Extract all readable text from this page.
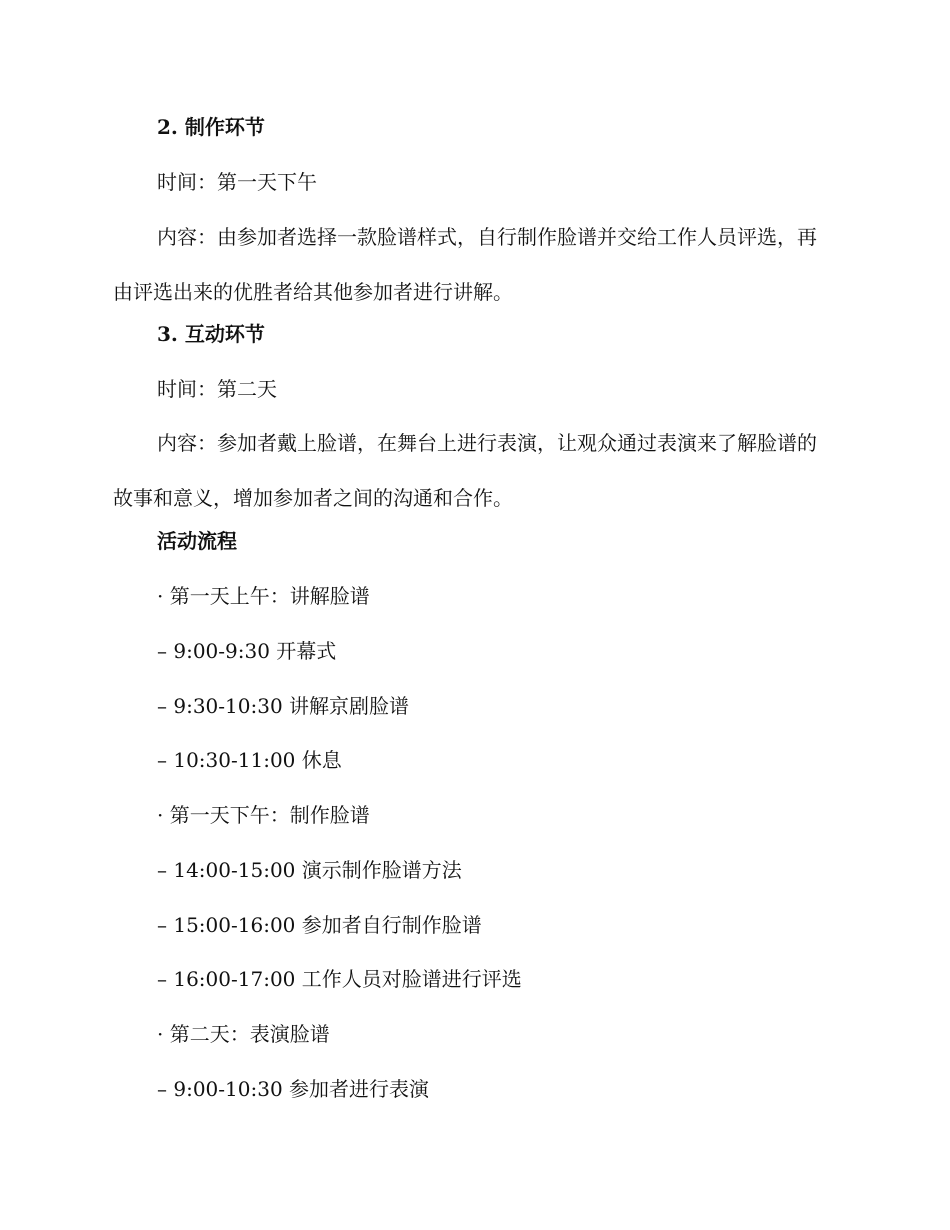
2. 制作环节
时间：第一天下午
内容：由参加者选择一款脸谱样式，自行制作脸谱并交给工作人员评选，再由评选出来的优胜者给其他参加者进行讲解。
3. 互动环节
时间：第二天
内容：参加者戴上脸谱，在舞台上进行表演，让观众通过表演来了解脸谱的故事和意义，增加参加者之间的沟通和合作。
活动流程
· 第一天上午：讲解脸谱
– 9:00-9:30 开幕式
– 9:30-10:30 讲解京剧脸谱
– 10:30-11:00 休息
· 第一天下午：制作脸谱
– 14:00-15:00 演示制作脸谱方法
– 15:00-16:00 参加者自行制作脸谱
– 16:00-17:00 工作人员对脸谱进行评选
· 第二天：表演脸谱
– 9:00-10:30 参加者进行表演
